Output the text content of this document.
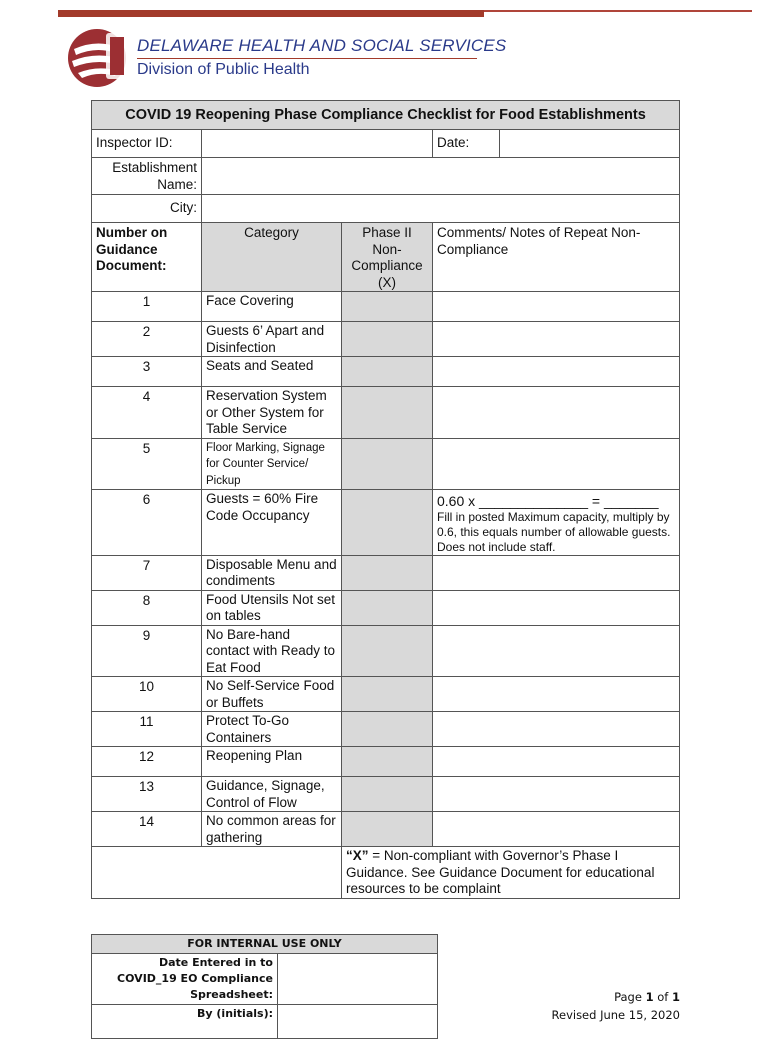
DELAWARE HEALTH AND SOCIAL SERVICES
Division of Public Health
COVID 19 Reopening Phase Compliance Checklist for Food Establishments				
Inspector ID:			Date:	

Establishment
Name:				

City:				
Number on Guidance Document:	Category	Phase II Non-Compliance (X)	Comments/ Notes of Repeat Non-Compliance	
1	Face Covering			
2	Guests 6’ Apart and Disinfection			
3	Seats and Seated			
4	Reservation System or Other System for Table Service			
5	Floor Marking, Signage for Counter Service/ Pickup			
6	Guests = 60% Fire Code Occupancy		0.60 x ______________ = _______
Fill in posted Maximum capacity, multiply by 0.6, this equals number of allowable guests. Does not include staff.	

7	Disposable Menu and condiments			
8	Food Utensils Not set on tables			
9	No Bare-hand contact with Ready to Eat Food			
10	No Self-Service Food or Buffets			
11	Protect To-Go Containers			
12	Reopening Plan			
13	Guidance, Signage, Control of Flow			
14	No common areas for gathering			
		“X” = Non-compliant with Governor’s Phase I Guidance. See Guidance Document for educational resources to be complaint		
FOR INTERNAL USE ONLY	
Date Entered in to COVID_19 EO Compliance Spreadsheet:	
By (initials):	
Page 1 of 1
Revised June 15, 2020
